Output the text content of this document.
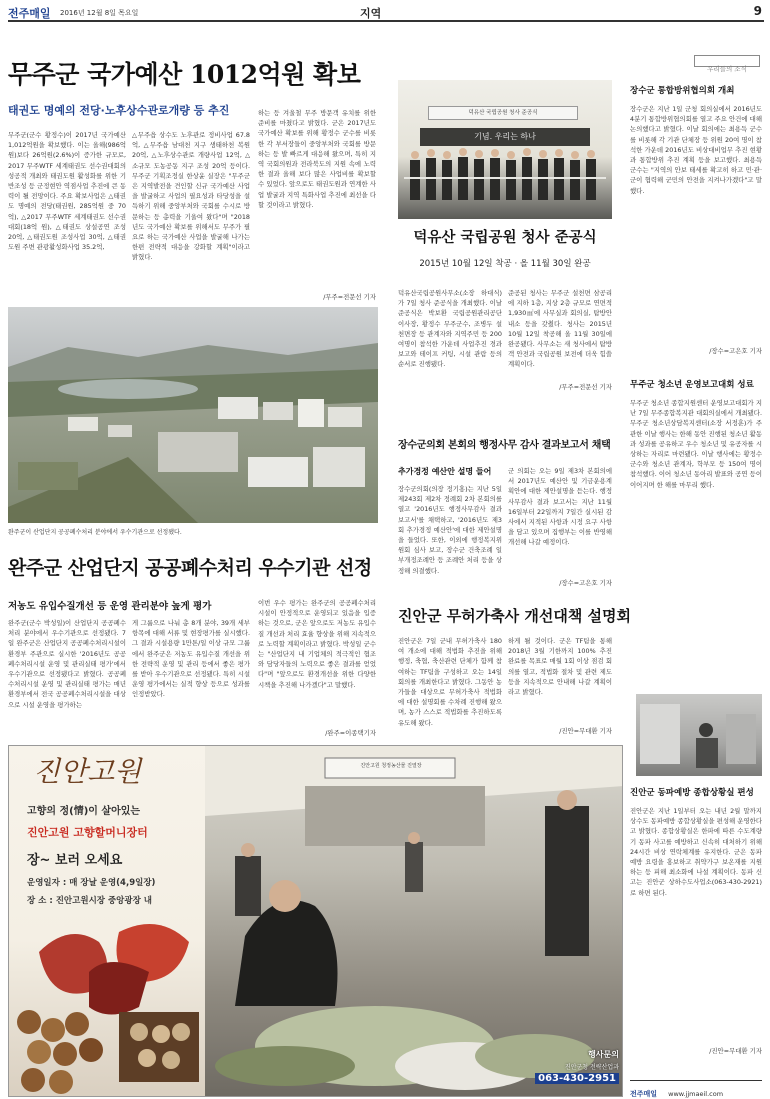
전주매일 2016년 12월 8일 목요일	지역	9
무주군 국가예산 1012억원 확보
태권도 명예의 전당·노후상수관로개량 등 추진
무주군(군수 황정수)이 2017년 국가예산 1,012억원을 확보했다. 이는 올해(986억원)보다 26억원(2.6%)이 증가한 규모로, 2017 무주WTF 세계태권도 선수권대회의 성공적 개최와 태권도원 활성화를 위한 기반조성 등 군정현안 역점사업 추진에 큰 동력이 될 전망이다. 주요 확보사업은 △태권도 명예의 전당(태권원, 285억원 중 70억), △2017 무주WTF 세계태권도 선수권대회(18억 원), △태권도 상설공연 조성 20억, △태권도원 조성사업 30억, △태권도원 주변 관광활성화사업 35.2억,
△무주읍 상수도 노후관로 정비사업 67.8억, △무주읍 남대천 지구 생태하천 복원 20억, △노후상수관로 개량사업 12억, △소규모 도농공동 지구 조성 20억 등이다. 무주군 기획조정실 한상윤 실장은 "무주군은 지역발전을 견인할 신규 국가예산 사업을 발굴하고 사업의 필요성과 타당성을 설득하기 위해 중앙부처와 국회를 수시로 방문하는 등 총력을 기울여 왔다"며 "2018년도 국가예산 확보를 위해서도 무주가 필요로 하는 국가예산 사업을 발굴해 나가는 한편 전략적 대응을 강화할 계획"이라고 밝혔다.
하는 등 겨울철 무주 방문객 유치를 위한 준비를 마쳤다고 밝혔다. 군은 2017년도 국가예산 확보를 위해 황정수 군수를 비롯한 각 부서장들이 중앙부처와 국회를 방문하는 등 발 빠르게 대응해 왔으며, 특히 지역 국회의원과 전라북도의 지원 속에 노력한 결과 올해 보다 많은 사업비를 확보할 수 있었다. 앞으로도 태권도원과 연계한 사업 발굴과 지역 특화사업 추진에 최선을 다할 것이라고 밝혔다.
/무주=전문선 기자
완주군이 산업단지 공공폐수처리 분야에서 우수기관으로 선정됐다.
완주군 산업단지 공공폐수처리 우수기관 선정
저농도 유입수질개선 등 운영 관리분야 높게 평가
완주군(군수 박성일)이 산업단지 공공폐수처리 분야에서 우수기관으로 선정됐다. 7일 완주군은 산업단지 공공폐수처리시설이 환경부 주관으로 실시한 '2016년도 공공폐수처리시설 운영 및 관리실태 평가'에서 우수기관으로 선정됐다고 밝혔다. 공공폐수처리시설 운영 및 관리실태 평가는 매년 환경부에서 전국 공공폐수처리시설을 대상으로 시설 운영을 평가하는
게 그룹으로 나눠 총 8개 분야, 39개 세부 항목에 대해 서류 및 현장평가를 실시했다. 그 결과 시설용량 1만톤/일 이상 규모 그룹에서 완주군은 저농도 유입수질 개선을 위한 전략적 운영 및 관리 등에서 좋은 평가를 받아 우수기관으로 선정됐다. 특히 시설운영 평가에서는 실적 향상 등으로 성과를 인정받았다.
이번 우수 평가는 완주군의 공공폐수처리시설이 안정적으로 운영되고 있음을 입증하는 것으로, 군은 앞으로도 저농도 유입수질 개선과 처리 효율 향상을 위해 지속적으로 노력할 계획이라고 밝혔다. 박성일 군수는 "산업단지 내 기업체의 적극적인 협조와 담당자들의 노력으로 좋은 결과를 얻었다"며 "앞으로도 환경개선을 위한 다양한 시책을 추진해 나가겠다"고 말했다.
/완주=이종택기자
덕유산 국립공원 청사 준공식
기념. 우리는 하나
덕유산 국립공원 청사 준공식
2015년 10월 12일 착공 · 올 11월 30일 완공
덕유산국립공원사무소(소장 하대식)가 7일 청사 준공식을 개최했다. 이날 준공식은 박보환 국립공원관리공단 이사장, 황정수 무주군수, 조병두 설천면장 등 관계자와 지역주민 등 200여명이 참석한 가운데 사업추진 경과보고와 테이프 커팅, 시설 관람 등의 순서로 진행됐다.
준공된 청사는 무주군 설천면 삼공리에 지하 1층, 지상 2층 규모로 연면적 1,930㎡에 사무실과 회의실, 탐방안내소 등을 갖췄다. 청사는 2015년 10월 12일 착공해 올 11월 30일에 완공됐다. 사무소는 새 청사에서 탐방객 안전과 국립공원 보전에 더욱 힘쓸 계획이다.
/무주=전문선 기자
장수군의회 본회의 행정사무 감사 결과보고서 채택
추가경정 예산안 설명 들어
장수군의회(의장 정기홍)는 지난 5일 제243회 제2차 정례회 2차 본회의를 열고 '2016년도 행정사무감사 결과보고서'를 채택하고, '2016년도 제3회 추가경정 예산안'에 대한 제안설명을 들었다. 또한, 이외에 행정복지위원회 심사 보고, 장수군 건축조례 일부개정조례안 등 조례안 처리 등을 상정해 의결했다.
군 의회는 오는 9일 제3차 본회의에서 2017년도 예산안 및 기금운용계획안에 대한 제안설명을 듣는다. 행정사무감사 결과 보고서는 지난 11월 16일부터 22일까지 7일간 실시된 감사에서 지적된 사항과 시정 요구 사항을 담고 있으며 집행부는 이를 반영해 개선해 나갈 예정이다.
/장수=고은호 기자
진안군 무허가축사 개선대책 설명회
진안군은 7일 군내 무허가축사 180여 개소에 대해 적법화 추진을 위해 행정, 축협, 축산관련 단체가 함께 참여하는 TF팀을 구성하고 오는 14일 회의를 개최한다고 밝혔다. 그동안 농가들을 대상으로 무허가축사 적법화에 대한 설명회를 수차례 진행해 왔으며, 농가 스스로 적법화를 추진하도록 유도해 왔다.
하게 될 것이다. 군은 TF팀을 통해 2018년 3월 기한까지 100% 추진 완료를 목표로 매월 1회 이상 점검 회의를 열고, 적법화 절차 및 관련 제도 등을 지속적으로 안내해 나갈 계획이라고 밝혔다.
/진안=무대환 기자
우리들의 소식
장수군 통합방위협의회 개최
장수군은 지난 1일 군청 회의실에서 2016년도 4분기 통합방위협의회를 열고 주요 안건에 대해 논의했다고 밝혔다. 이날 회의에는 최용득 군수를 비롯해 각 기관 단체장 등 위원 20여 명이 참석한 가운데 2016년도 비상대비업무 추진 현황과 통합방위 추진 계획 등을 보고했다. 최용득 군수는 "지역의 안보 태세를 확고히 하고 민·관·군이 협력해 군민의 안전을 지켜나가겠다"고 말했다.
/장수=고은호 기자
무주군 청소년 운영보고대회 성료
무주군 청소년 종합지원센터 운영보고대회가 지난 7일 무주종합복지관 대회의실에서 개최됐다. 무주군 청소년상담복지센터(소장 서정훈)가 주관한 이날 행사는 한해 동안 진행된 청소년 활동과 성과를 공유하고 우수 청소년 및 유공자를 시상하는 자리로 마련됐다. 이날 행사에는 황정수 군수와 청소년 관계자, 학부모 등 150여 명이 참석했다. 이어 청소년 동아리 발표와 공연 등이 이어지며 한 해를 마무리 했다.
진안군 동파예방 종합상황실 편성
진안군은 지난 1일부터 오는 내년 2월 말까지 상수도 동파예방 종합상황실을 편성해 운영한다고 밝혔다. 종합상황실은 한파에 따른 수도계량기 동파 사고를 예방하고 신속히 대처하기 위해 24시간 비상 연락체계를 유지한다. 군은 동파 예방 요령을 홍보하고 취약가구 보온재를 지원하는 등 피해 최소화에 나설 계획이다. 동파 신고는 진안군 상하수도사업소(063-430-2921)로 하면 된다.
/진안=무대환 기자
진안고원
고향의 정(情)이 살아있는
진안고원 고향할머니장터
장~ 보러 오세요
운영일자 : 매 장날 운영(4,9일장)
장 소 : 진안고원시장 중앙광장 내
진안고원 청정농산물 진열장
행사문의
진안군청 전략산업과
063-430-2951
전주매일 www.jjmaeil.com
